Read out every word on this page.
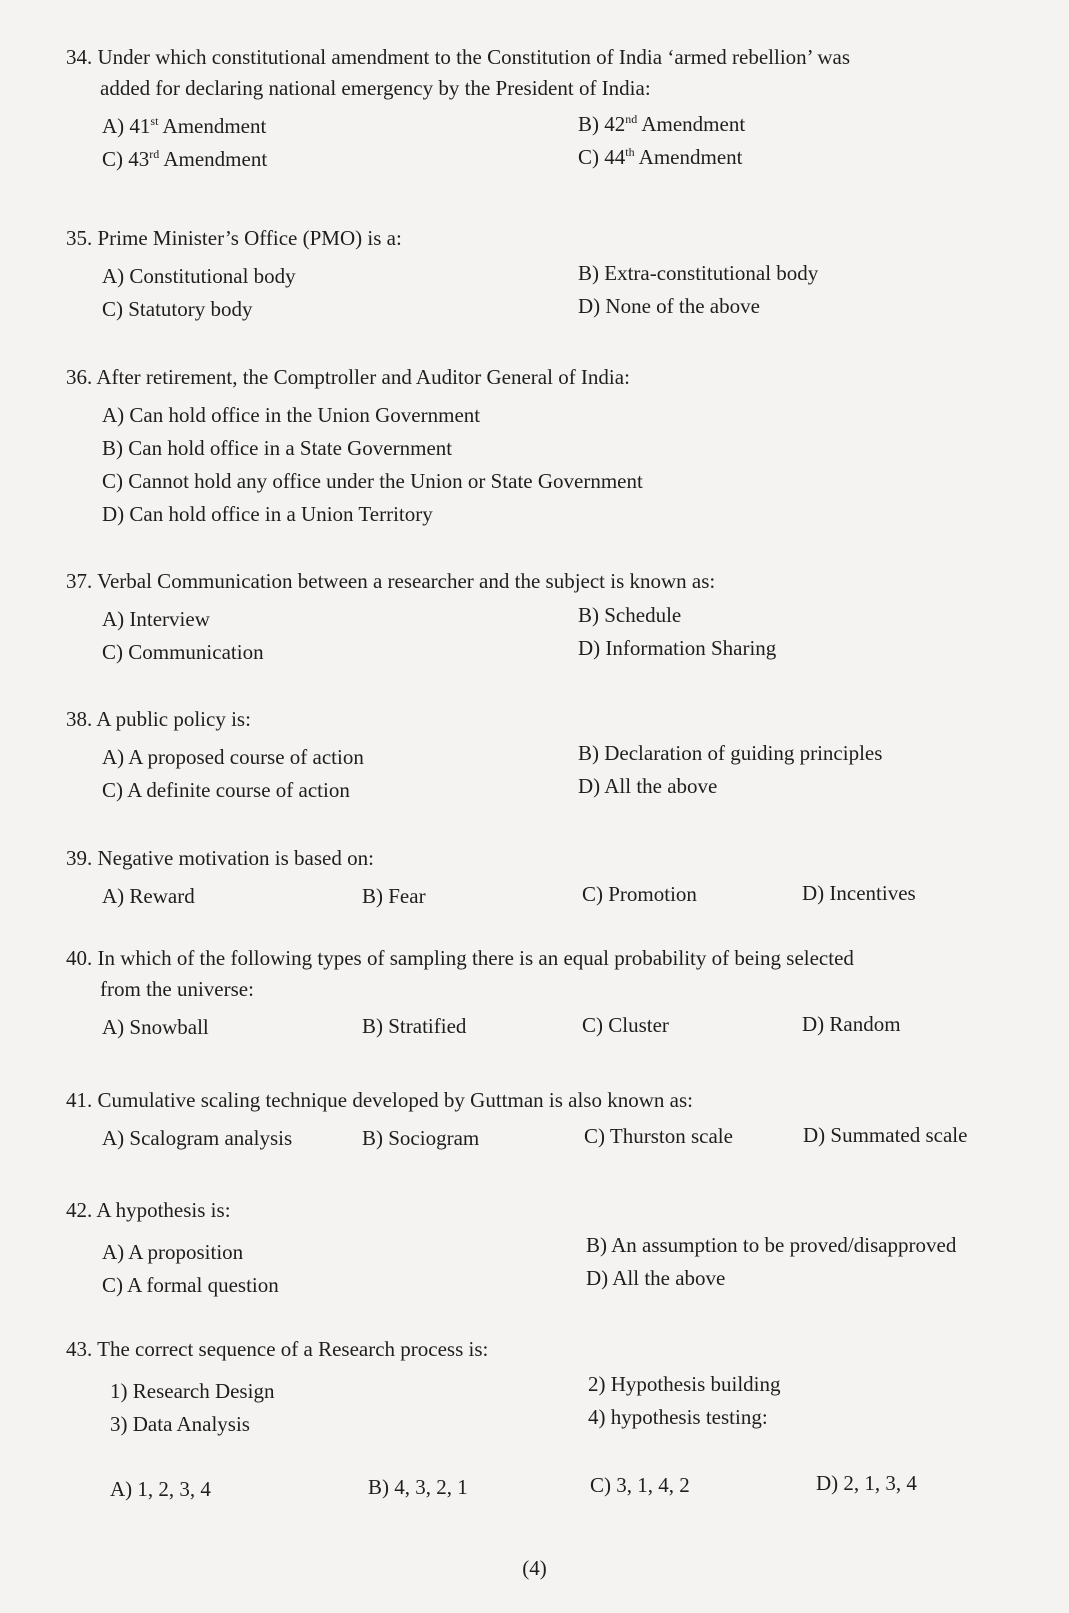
34. Under which constitutional amendment to the Constitution of India ‘armed rebellion’ was
added for declaring national emergency by the President of India:
A) 41st Amendment	B) 42nd Amendment
C) 43rd Amendment	C) 44th Amendment
35. Prime Minister’s Office (PMO) is a:
A) Constitutional body	B) Extra-constitutional body
C) Statutory body	D) None of the above
36. After retirement, the Comptroller and Auditor General of India:
A) Can hold office in the Union Government
B) Can hold office in a State Government
C) Cannot hold any office under the Union or State Government
D) Can hold office in a Union Territory
37. Verbal Communication between a researcher and the subject is known as:
A) Interview	B) Schedule
C) Communication	D) Information Sharing
38. A public policy is:
A) A proposed course of action	B) Declaration of guiding principles
C) A definite course of action	D) All the above
39. Negative motivation is based on:
A) Reward	B) Fear	C) Promotion	D) Incentives
40. In which of the following types of sampling there is an equal probability of being selected
from the universe:
A) Snowball	B) Stratified	C) Cluster	D) Random
41. Cumulative scaling technique developed by Guttman is also known as:
A) Scalogram analysis	B) Sociogram	C) Thurston scale	D) Summated scale
42. A hypothesis is:
A) A proposition	B) An assumption to be proved/disapproved
C) A formal question	D) All the above
43. The correct sequence of a Research process is:
1) Research Design	2) Hypothesis building
3) Data Analysis	4) hypothesis testing:
A) 1, 2, 3, 4	B) 4, 3, 2, 1	C) 3, 1, 4, 2	D) 2, 1, 3, 4
(4)
